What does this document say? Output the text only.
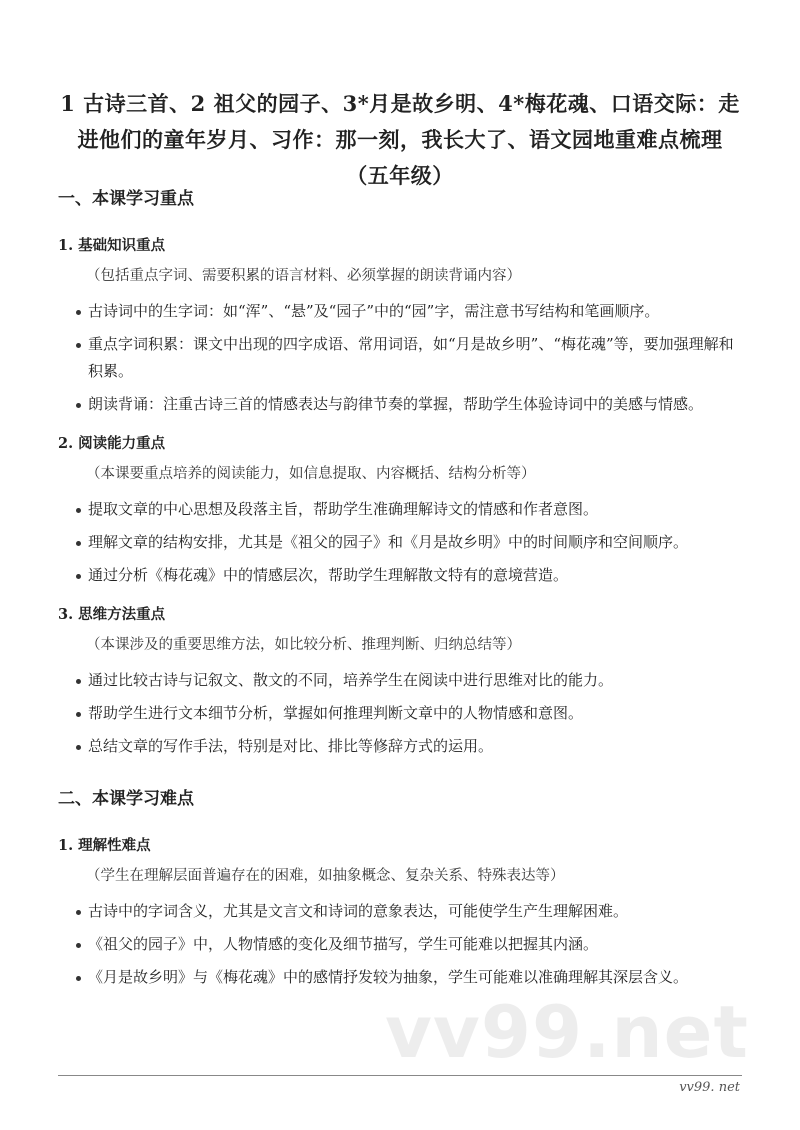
1 古诗三首、2 祖父的园子、3*月是故乡明、4*梅花魂、口语交际：走
进他们的童年岁月、习作：那一刻，我长大了、语文园地重难点梳理
（五年级）
一、本课学习重点
1. 基础知识重点
（包括重点字词、需要积累的语言材料、必须掌握的朗读背诵内容）
古诗词中的生字词：如“浑”、“悬”及“园子”中的“园”字，需注意书写结构和笔画顺序。
重点字词积累：课文中出现的四字成语、常用词语，如“月是故乡明”、“梅花魂”等，要加强理解和积累。
朗读背诵：注重古诗三首的情感表达与韵律节奏的掌握，帮助学生体验诗词中的美感与情感。
2. 阅读能力重点
（本课要重点培养的阅读能力，如信息提取、内容概括、结构分析等）
提取文章的中心思想及段落主旨，帮助学生准确理解诗文的情感和作者意图。
理解文章的结构安排，尤其是《祖父的园子》和《月是故乡明》中的时间顺序和空间顺序。
通过分析《梅花魂》中的情感层次，帮助学生理解散文特有的意境营造。
3. 思维方法重点
（本课涉及的重要思维方法，如比较分析、推理判断、归纳总结等）
通过比较古诗与记叙文、散文的不同，培养学生在阅读中进行思维对比的能力。
帮助学生进行文本细节分析，掌握如何推理判断文章中的人物情感和意图。
总结文章的写作手法，特别是对比、排比等修辞方式的运用。
二、本课学习难点
1. 理解性难点
（学生在理解层面普遍存在的困难，如抽象概念、复杂关系、特殊表达等）
古诗中的字词含义，尤其是文言文和诗词的意象表达，可能使学生产生理解困难。
《祖父的园子》中，人物情感的变化及细节描写，学生可能难以把握其内涵。
《月是故乡明》与《梅花魂》中的感情抒发较为抽象，学生可能难以准确理解其深层含义。
vv99.net
vv99. net
